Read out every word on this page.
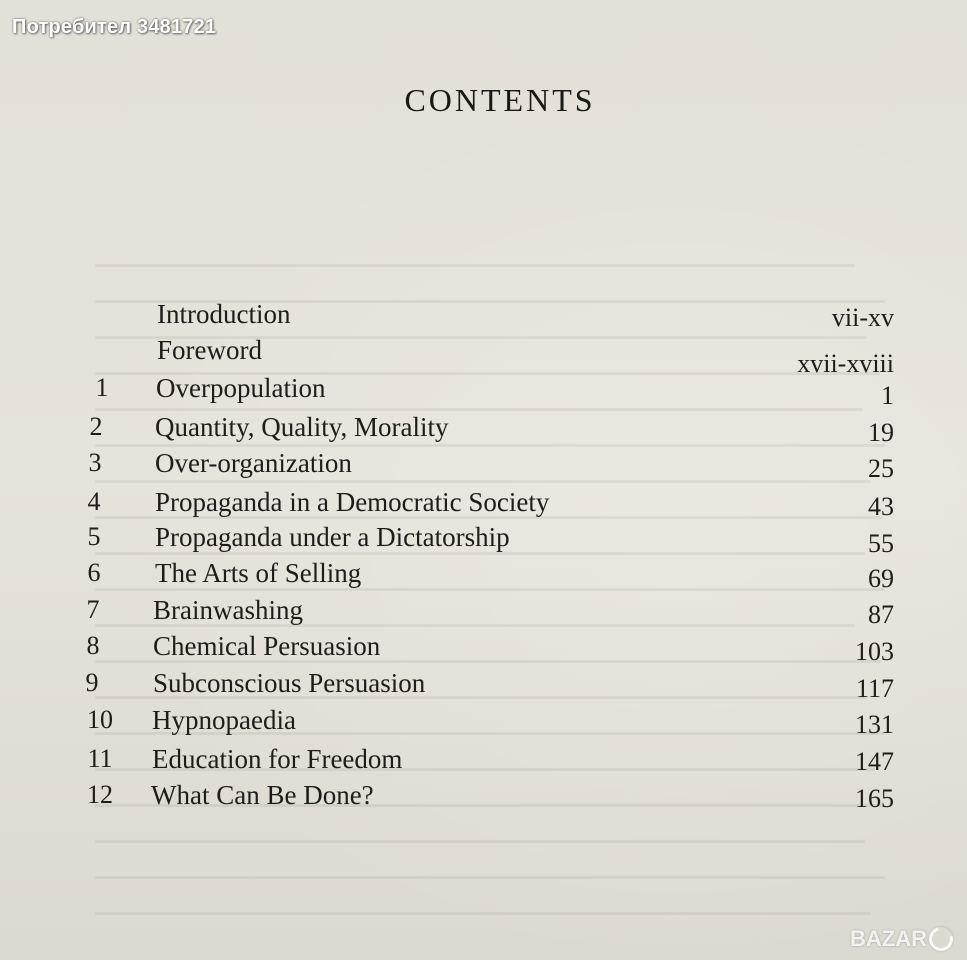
Потребител 3481721
CONTENTS
Introduction	vii-xv
Foreword	xvii-xviii
1	Overpopulation	1
2	Quantity, Quality, Morality	19
3	Over-organization	25
4	Propaganda in a Democratic Society	43
5	Propaganda under a Dictatorship	55
6	The Arts of Selling	69
7	Brainwashing	87
8	Chemical Persuasion	103
9	Subconscious Persuasion	117
10 Hypnopaedia	131
11 Education for Freedom	147
12 What Can Be Done?	165
BAZAR
